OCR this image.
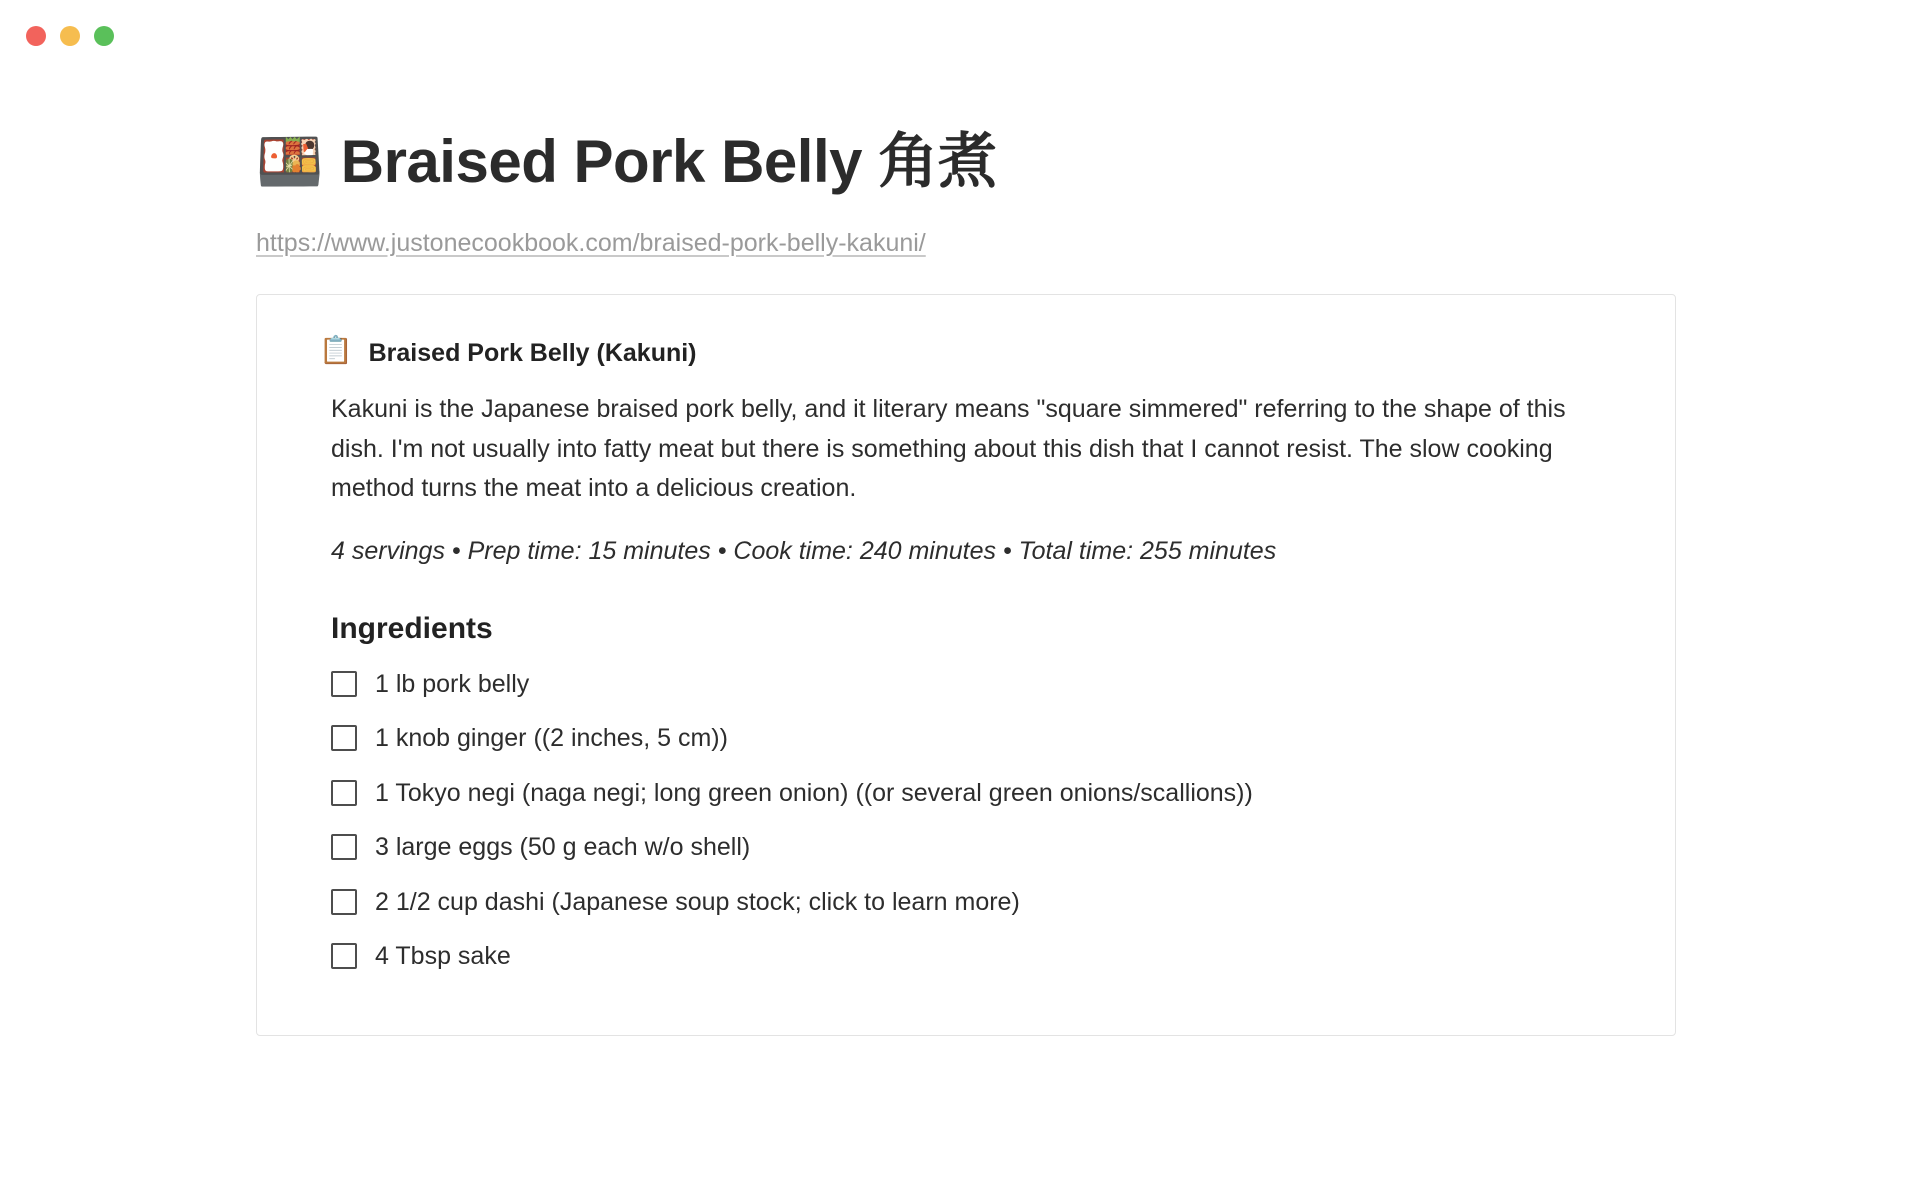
🍱 Braised Pork Belly 角煮
https://www.justonecookbook.com/braised-pork-belly-kakuni/
📋 Braised Pork Belly (Kakuni)

Kakuni is the Japanese braised pork belly, and it literary means "square simmered" referring to the shape of this dish. I'm not usually into fatty meat but there is something about this dish that I cannot resist. The slow cooking method turns the meat into a delicious creation.

4 servings • Prep time: 15 minutes • Cook time: 240 minutes • Total time: 255 minutes

Ingredients
1 lb pork belly
1 knob ginger ((2 inches, 5 cm))
1 Tokyo negi (naga negi; long green onion) ((or several green onions/scallions))
3 large eggs (50 g each w/o shell)
2 1/2 cup dashi (Japanese soup stock; click to learn more)
4 Tbsp sake
